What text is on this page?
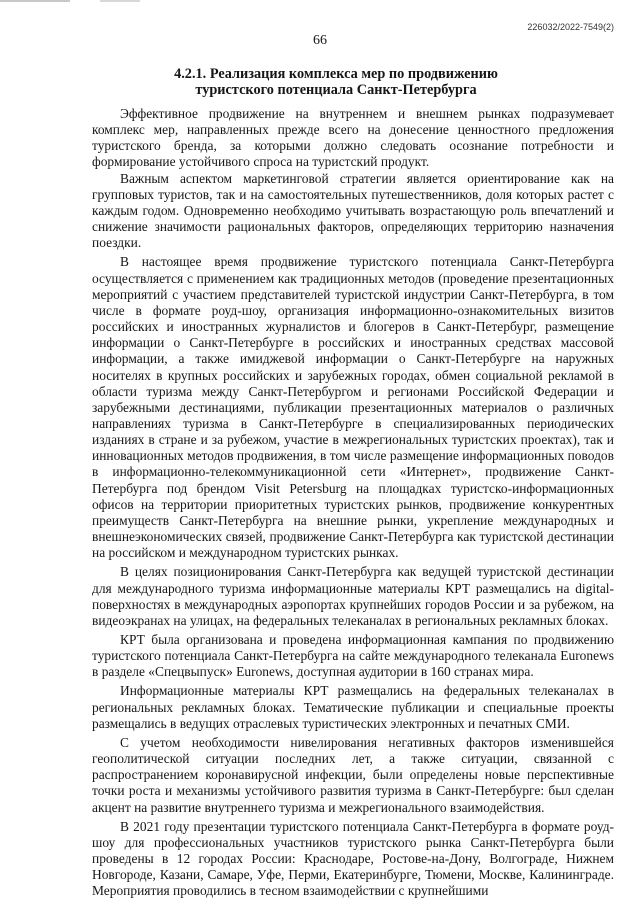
226032/2022-7549(2)
66
4.2.1. Реализация комплекса мер по продвижению
туристского потенциала Санкт-Петербурга

Эффективное продвижение на внутреннем и внешнем рынках подразумевает комплекс мер, направленных прежде всего на донесение ценностного предложения туристского бренда, за которыми должно следовать осознание потребности и формирование устойчивого спроса на туристский продукт.

Важным аспектом маркетинговой стратегии является ориентирование как на групповых туристов, так и на самостоятельных путешественников, доля которых растет с каждым годом. Одновременно необходимо учитывать возрастающую роль впечатлений и снижение значимости рациональных факторов, определяющих территорию назначения поездки.

В настоящее время продвижение туристского потенциала Санкт-Петербурга осуществляется с применением как традиционных методов (проведение презентационных мероприятий с участием представителей туристской индустрии Санкт-Петербурга, в том числе в формате роуд-шоу, организация информационно-ознакомительных визитов российских и иностранных журналистов и блогеров в Санкт-Петербург, размещение информации о Санкт-Петербурге в российских и иностранных средствах массовой информации, а также имиджевой информации о Санкт-Петербурге на наружных носителях в крупных российских и зарубежных городах, обмен социальной рекламой в области туризма между Санкт-Петербургом и регионами Российской Федерации и зарубежными дестинациями, публикации презентационных материалов о различных направлениях туризма в Санкт-Петербурге в специализированных периодических изданиях в стране и за рубежом, участие в межрегиональных туристских проектах), так и инновационных методов продвижения, в том числе размещение информационных поводов в информационно-телекоммуникационной сети «Интернет», продвижение Санкт-Петербурга под брендом Visit Petersburg на площадках туристско-информационных офисов на территории приоритетных туристских рынков, продвижение конкурентных преимуществ Санкт-Петербурга на внешние рынки, укрепление международных и внешнеэкономических связей, продвижение Санкт-Петербурга как туристской дестинации на российском и международном туристских рынках.

В целях позиционирования Санкт-Петербурга как ведущей туристской дестинации для международного туризма информационные материалы КРТ размещались на digital-поверхностях в международных аэропортах крупнейших городов России и за рубежом, на видеоэкранах на улицах, на федеральных телеканалах в региональных рекламных блоках.

КРТ была организована и проведена информационная кампания по продвижению туристского потенциала Санкт-Петербурга на сайте международного телеканала Euronews в разделе «Спецвыпуск» Euronews, доступная аудитории в 160 странах мира.

Информационные материалы КРТ размещались на федеральных телеканалах в региональных рекламных блоках. Тематические публикации и специальные проекты размещались в ведущих отраслевых туристических электронных и печатных СМИ.

С учетом необходимости нивелирования негативных факторов изменившейся геополитической ситуации последних лет, а также ситуации, связанной с распространением коронавирусной инфекции, были определены новые перспективные точки роста и механизмы устойчивого развития туризма в Санкт-Петербурге: был сделан акцент на развитие внутреннего туризма и межрегионального взаимодействия.

В 2021 году презентации туристского потенциала Санкт-Петербурга в формате роуд-шоу для профессиональных участников туристского рынка Санкт-Петербурга были проведены в 12 городах России: Краснодаре, Ростове-на-Дону, Волгограде, Нижнем Новгороде, Казани, Самаре, Уфе, Перми, Екатеринбурге, Тюмени, Москве, Калининграде. Мероприятия проводились в тесном взаимодействии с крупнейшими
